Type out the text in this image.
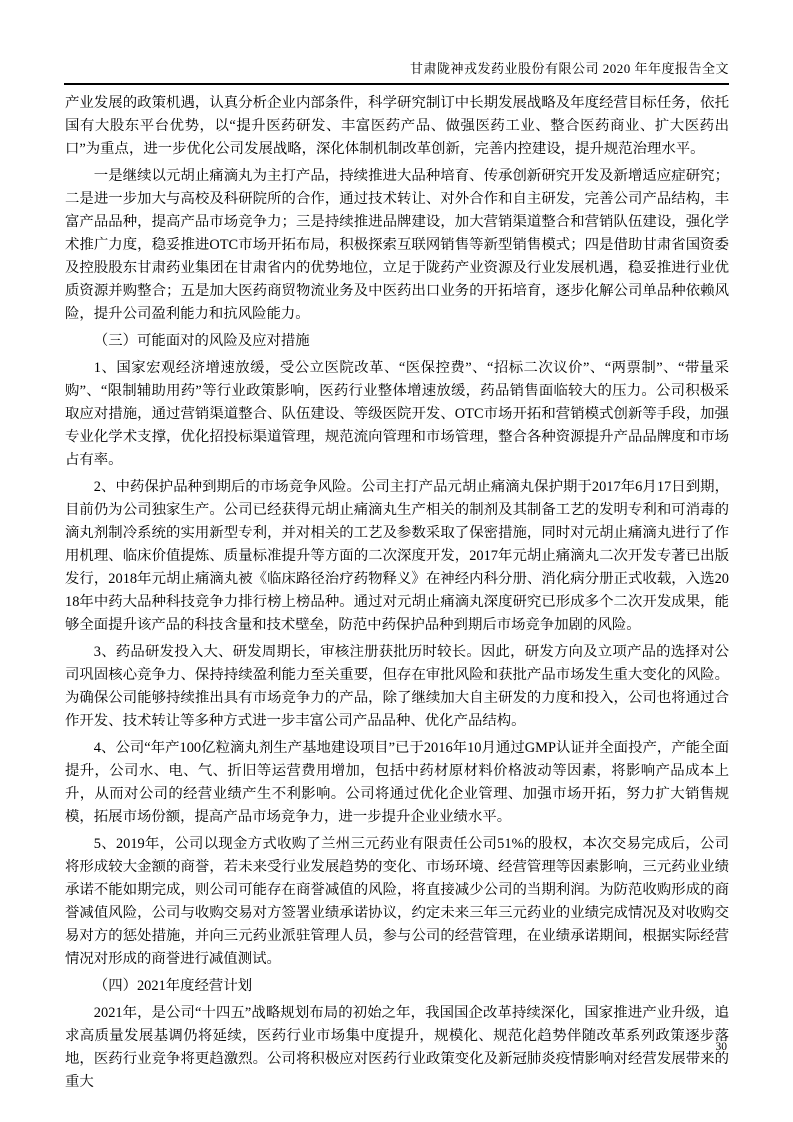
甘肃陇神戎发药业股份有限公司 2020 年年度报告全文

产业发展的政策机遇，认真分析企业内部条件，科学研究制订中长期发展战略及年度经营目标任务，依托国有大股东平台优势，以“提升医药研发、丰富医药产品、做强医药工业、整合医药商业、扩大医药出口”为重点，进一步优化公司发展战略，深化体制机制改革创新，完善内控建设，提升规范治理水平。

一是继续以元胡止痛滴丸为主打产品，持续推进大品种培育、传承创新研究开发及新增适应症研究；二是进一步加大与高校及科研院所的合作，通过技术转让、对外合作和自主研发，完善公司产品结构，丰富产品品种，提高产品市场竞争力；三是持续推进品牌建设，加大营销渠道整合和营销队伍建设，强化学术推广力度，稳妥推进OTC市场开拓布局，积极探索互联网销售等新型销售模式；四是借助甘肃省国资委及控股股东甘肃药业集团在甘肃省内的优势地位，立足于陇药产业资源及行业发展机遇，稳妥推进行业优质资源并购整合；五是加大医药商贸物流业务及中医药出口业务的开拓培育，逐步化解公司单品种依赖风险，提升公司盈利能力和抗风险能力。

（三）可能面对的风险及应对措施

1、国家宏观经济增速放缓，受公立医院改革、“医保控费”、“招标二次议价”、“两票制”、“带量采购”、“限制辅助用药”等行业政策影响，医药行业整体增速放缓，药品销售面临较大的压力。公司积极采取应对措施，通过营销渠道整合、队伍建设、等级医院开发、OTC市场开拓和营销模式创新等手段，加强专业化学术支撑，优化招投标渠道管理，规范流向管理和市场管理，整合各种资源提升产品品牌度和市场占有率。

2、中药保护品种到期后的市场竞争风险。公司主打产品元胡止痛滴丸保护期于2017年6月17日到期，目前仍为公司独家生产。公司已经获得元胡止痛滴丸生产相关的制剂及其制备工艺的发明专利和可消毒的滴丸剂制冷系统的实用新型专利，并对相关的工艺及参数采取了保密措施，同时对元胡止痛滴丸进行了作用机理、临床价值提炼、质量标准提升等方面的二次深度开发，2017年元胡止痛滴丸二次开发专著已出版发行，2018年元胡止痛滴丸被《临床路径治疗药物释义》在神经内科分册、消化病分册正式收载，入选2018年中药大品种科技竞争力排行榜上榜品种。通过对元胡止痛滴丸深度研究已形成多个二次开发成果，能够全面提升该产品的科技含量和技术壁垒，防范中药保护品种到期后市场竞争加剧的风险。

3、药品研发投入大、研发周期长，审核注册获批历时较长。因此，研发方向及立项产品的选择对公司巩固核心竞争力、保持持续盈利能力至关重要，但存在审批风险和获批产品市场发生重大变化的风险。为确保公司能够持续推出具有市场竞争力的产品，除了继续加大自主研发的力度和投入，公司也将通过合作开发、技术转让等多种方式进一步丰富公司产品品种、优化产品结构。

4、公司“年产100亿粒滴丸剂生产基地建设项目”已于2016年10月通过GMP认证并全面投产，产能全面提升，公司水、电、气、折旧等运营费用增加，包括中药材原材料价格波动等因素，将影响产品成本上升，从而对公司的经营业绩产生不利影响。公司将通过优化企业管理、加强市场开拓，努力扩大销售规模，拓展市场份额，提高产品市场竞争力，进一步提升企业业绩水平。

5、2019年，公司以现金方式收购了兰州三元药业有限责任公司51%的股权，本次交易完成后，公司将形成较大金额的商誉，若未来受行业发展趋势的变化、市场环境、经营管理等因素影响，三元药业业绩承诺不能如期完成，则公司可能存在商誉减值的风险，将直接减少公司的当期利润。为防范收购形成的商誉减值风险，公司与收购交易对方签署业绩承诺协议，约定未来三年三元药业的业绩完成情况及对收购交易对方的惩处措施，并向三元药业派驻管理人员，参与公司的经营管理，在业绩承诺期间，根据实际经营情况对形成的商誉进行减值测试。

（四）2021年度经营计划

2021年，是公司“十四五”战略规划布局的初始之年，我国国企改革持续深化，国家推进产业升级，追求高质量发展基调仍将延续，医药行业市场集中度提升，规模化、规范化趋势伴随改革系列政策逐步落地，医药行业竞争将更趋激烈。公司将积极应对医药行业政策变化及新冠肺炎疫情影响对经营发展带来的重大

30
